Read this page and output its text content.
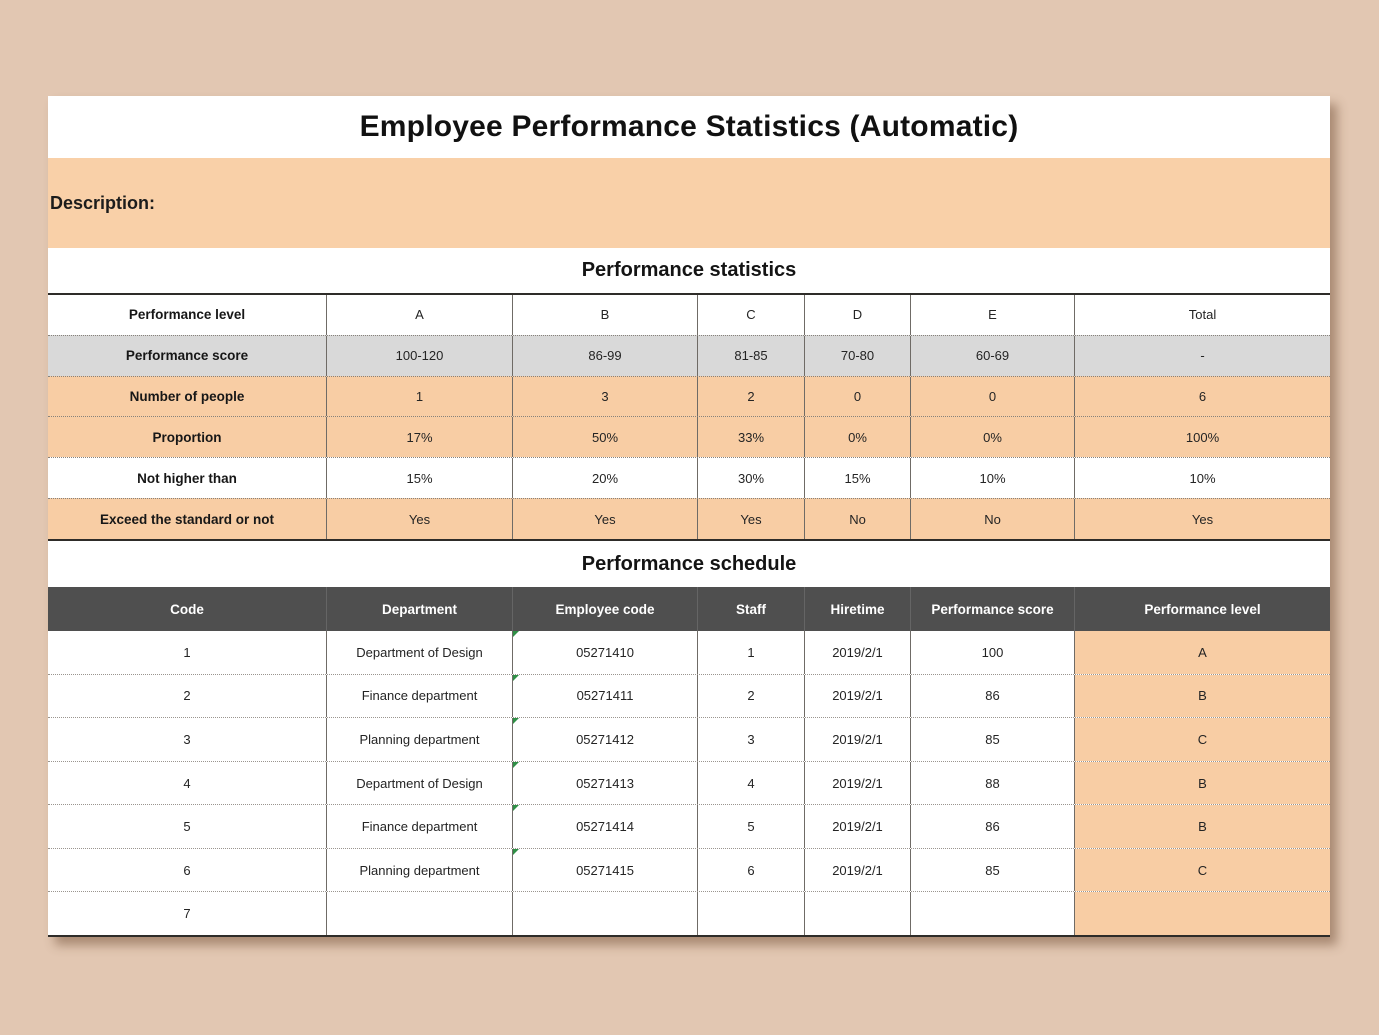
Employee Performance Statistics (Automatic)
Description:
Performance statistics
Performance level	A	B	C	D	E	Total
Performance score	100-120	86-99	81-85	70-80	60-69	-
Number of people	1	3	2	0	0	6
Proportion	17%	50%	33%	0%	0%	100%
Not higher than	15%	20%	30%	15%	10%	10%
Exceed the standard or not	Yes	Yes	Yes	No	No	Yes
Performance schedule
Code	Department	Employee code	Staff	Hiretime	Performance score	Performance level
1	Department of Design	05271410	1	2019/2/1	100	A
2	Finance department	05271411	2	2019/2/1	86	B
3	Planning department	05271412	3	2019/2/1	85	C
4	Department of Design	05271413	4	2019/2/1	88	B
5	Finance department	05271414	5	2019/2/1	86	B
6	Planning department	05271415	6	2019/2/1	85	C
7
